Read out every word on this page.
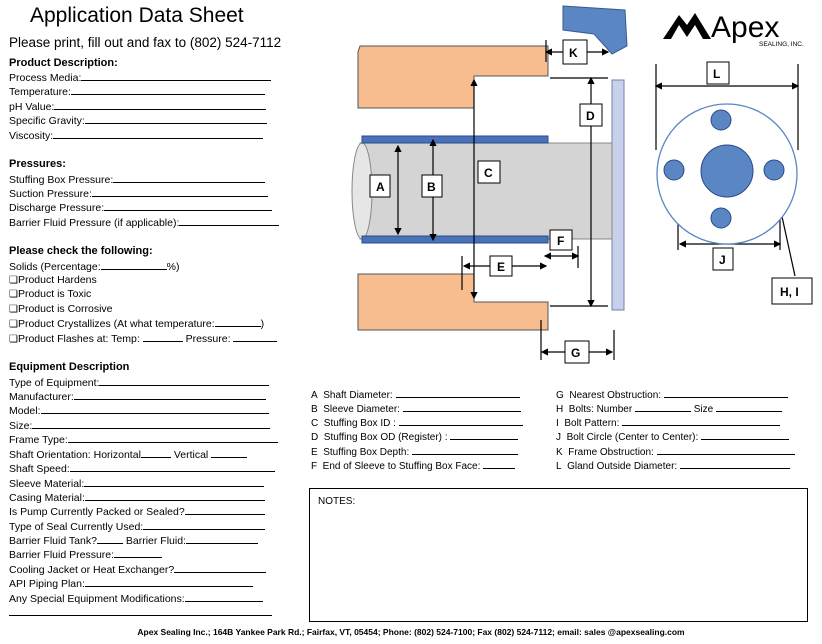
Application Data Sheet
Please print, fill out and fax to (802) 524-7112	Apex
SEALING, INC.
Product Description:
Process Media:
Temperature:
pH Value:
Specific Gravity:
Viscosity:
Pressures:
Stuffing Box Pressure:
Suction Pressure:
Discharge Pressure:
Barrier Fluid Pressure (if applicable):
Please check the following:
Solids (Percentage:	%)
❏Product Hardens
❏Product is Toxic
❏Product is Corrosive
❏Product Crystallizes (At what temperature:	)
❏Product Flashes at: Temp:	Pressure:
Equipment Description
Type of Equipment:
Manufacturer:
Model:
Size:
Frame Type:
Shaft Orientation: Horizontal	Vertical
Shaft Speed:
Sleeve Material:
Casing Material:
Is Pump Currently Packed or Sealed?
Type of Seal Currently Used:
Barrier Fluid Tank?	Barrier Fluid:
Barrier Fluid Pressure:
Cooling Jacket or Heat Exchanger?
API Piping Plan:
Any Special Equipment Modifications:
A	B
C
D
E
F
G
K
L
J
H, I
A Shaft Diameter:
B Sleeve Diameter:
C Stuffing Box ID :
D Stuffing Box OD (Register) :
E Stuffing Box Depth:
F End of Sleeve to Stuffing Box Face:
G Nearest Obstruction:
H Bolts: Number	Size
I Bolt Pattern:
J Bolt Circle (Center to Center):
K Frame Obstruction:
L Gland Outside Diameter:
NOTES:
Apex Sealing Inc.; 164B Yankee Park Rd.; Fairfax, VT, 05454; Phone: (802) 524-7100; Fax (802) 524-7112; email: sales @apexsealing.com
